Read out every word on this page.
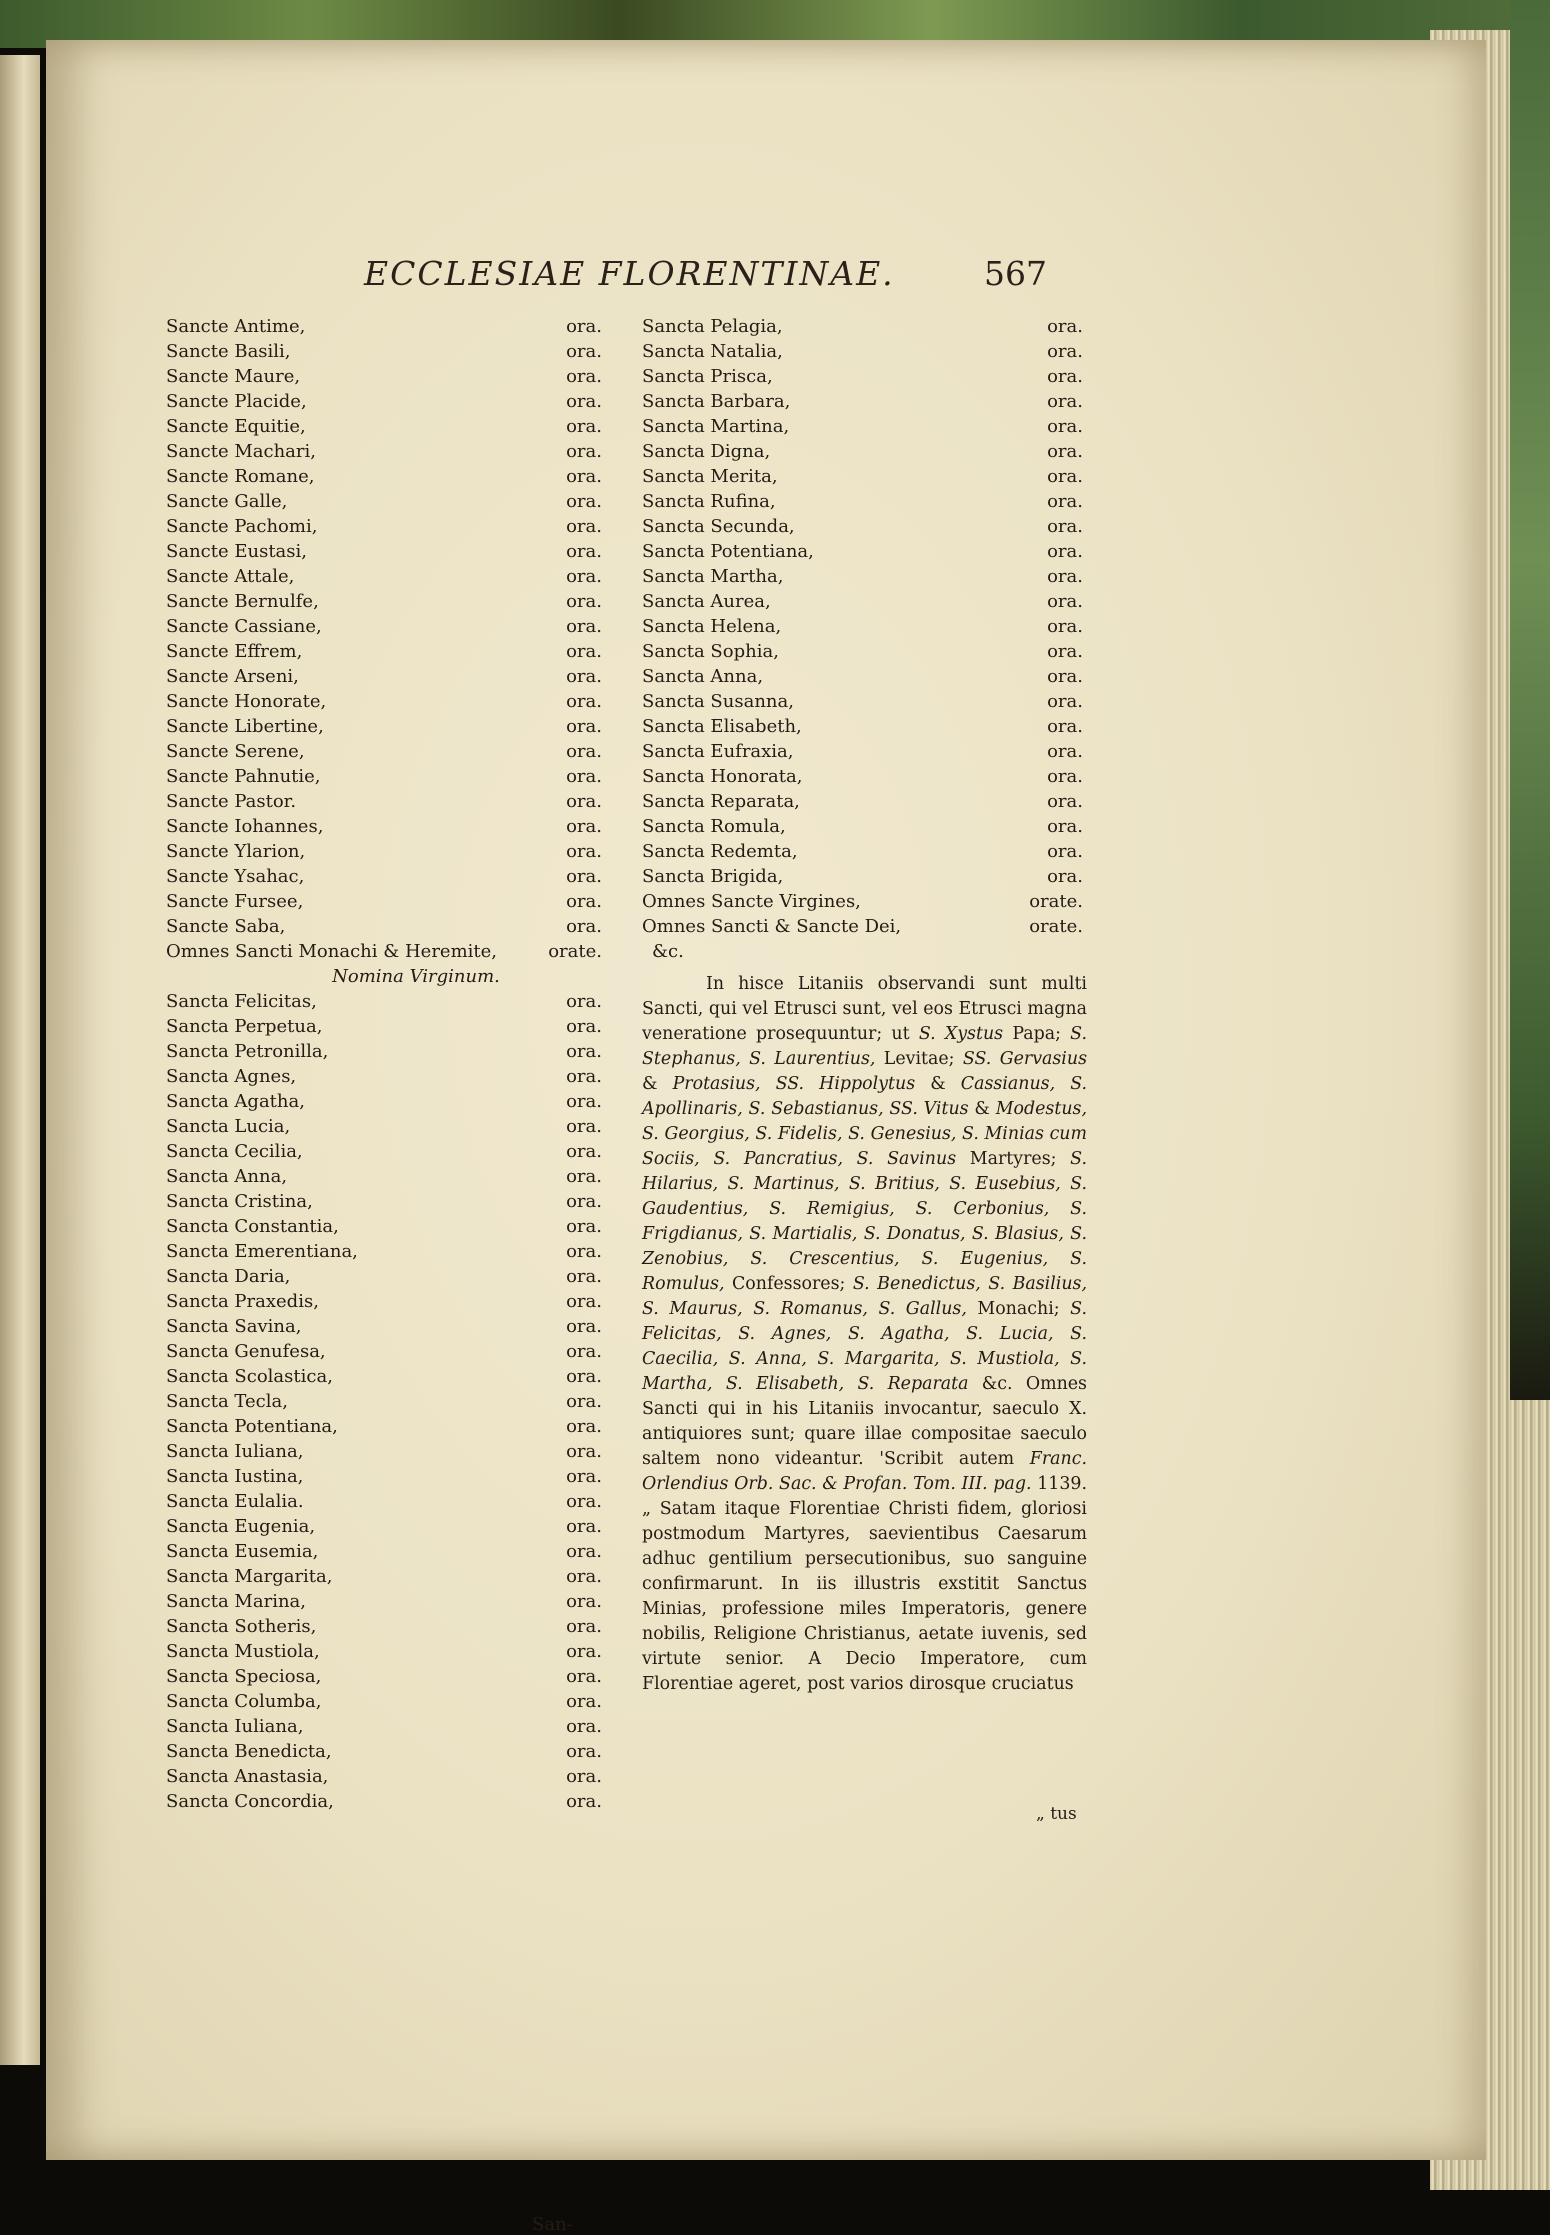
ECCLESIAE FLORENTINAE.	567
Sancte Antime,	ora.
Sancte Basili,	ora.
Sancte Maure,	ora.
Sancte Placide,	ora.
Sancte Equitie,	ora.
Sancte Machari,	ora.
Sancte Romane,	ora.
Sancte Galle,	ora.
Sancte Pachomi,	ora.
Sancte Eustasi,	ora.
Sancte Attale,	ora.
Sancte Bernulfe,	ora.
Sancte Cassiane,	ora.
Sancte Effrem,	ora.
Sancte Arseni,	ora.
Sancte Honorate,	ora.
Sancte Libertine,	ora.
Sancte Serene,	ora.
Sancte Pahnutie,	ora.
Sancte Pastor.	ora.
Sancte Iohannes,	ora.
Sancte Ylarion,	ora.
Sancte Ysahac,	ora.
Sancte Fursee,	ora.
Sancte Saba,	ora.
Omnes Sancti Monachi & Heremite,	orate.
Nomina Virginum.
Sancta Felicitas,	ora.
Sancta Perpetua,	ora.
Sancta Petronilla,	ora.
Sancta Agnes,	ora.
Sancta Agatha,	ora.
Sancta Lucia,	ora.
Sancta Cecilia,	ora.
Sancta Anna,	ora.
Sancta Cristina,	ora.
Sancta Constantia,	ora.
Sancta Emerentiana,	ora.
Sancta Daria,	ora.
Sancta Praxedis,	ora.
Sancta Savina,	ora.
Sancta Genufesa,	ora.
Sancta Scolastica,	ora.
Sancta Tecla,	ora.
Sancta Potentiana,	ora.
Sancta Iuliana,	ora.
Sancta Iustina,	ora.
Sancta Eulalia.	ora.
Sancta Eugenia,	ora.
Sancta Eusemia,	ora.
Sancta Margarita,	ora.
Sancta Marina,	ora.
Sancta Sotheris,	ora.
Sancta Mustiola,	ora.
Sancta Speciosa,	ora.
Sancta Columba,	ora.
Sancta Iuliana,	ora.
Sancta Benedicta,	ora.
Sancta Anastasia,	ora.
Sancta Concordia,	ora.
Sancta Pelagia,	ora.
Sancta Natalia,	ora.
Sancta Prisca,	ora.
Sancta Barbara,	ora.
Sancta Martina,	ora.
Sancta Digna,	ora.
Sancta Merita,	ora.
Sancta Rufina,	ora.
Sancta Secunda,	ora.
Sancta Potentiana,	ora.
Sancta Martha,	ora.
Sancta Aurea,	ora.
Sancta Helena,	ora.
Sancta Sophia,	ora.
Sancta Anna,	ora.
Sancta Susanna,	ora.
Sancta Elisabeth,	ora.
Sancta Eufraxia,	ora.
Sancta Honorata,	ora.
Sancta Reparata,	ora.
Sancta Romula,	ora.
Sancta Redemta,	ora.
Sancta Brigida,	ora.
Omnes Sancte Virgines,	orate.
Omnes Sancti & Sancte Dei,	orate.
&c.

In hisce Litaniis observandi sunt multi Sancti, qui vel Etrusci sunt, vel eos Etrusci magna veneratione prosequuntur; ut S. Xystus Papa; S. Stephanus, S. Laurentius, Levitae; SS. Gervasius & Protasius, SS. Hippolytus & Cassianus, S. Apollinaris, S. Sebastianus, SS. Vitus & Modestus, S. Georgius, S. Fidelis, S. Genesius, S. Minias cum Sociis, S. Pancratius, S. Savinus Martyres; S. Hilarius, S. Martinus, S. Britius, S. Eusebius, S. Gaudentius, S. Remigius, S. Cerbonius, S. Frigdianus, S. Martialis, S. Donatus, S. Blasius, S. Zenobius, S. Crescentius, S. Eugenius, S. Romulus, Confessores; S. Benedictus, S. Basilius, S. Maurus, S. Romanus, S. Gallus, Monachi; S. Felicitas, S. Agnes, S. Agatha, S. Lucia, S. Caecilia, S. Anna, S. Margarita, S. Mustiola, S. Martha, S. Elisabeth, S. Reparata &c. Omnes Sancti qui in his Litaniis invocantur, saeculo X. antiquiores sunt; quare illae compositae saeculo saltem nono videantur. 'Scribit autem Franc. Orlendius Orb. Sac. & Profan. Tom. III. pag. 1139. „ Satam itaque Florentiae Christi fidem, gloriosi postmodum Martyres, saevientibus Caesarum adhuc gentilium persecutionibus, suo sanguine confirmarunt. In iis illustris exstitit Sanctus Minias, professione miles Imperatoris, genere nobilis, Religione Christianus, aetate iuvenis, sed virtute senior. A Decio Imperatore, cum Florentiae ageret, post varios dirosque cruciatus

San-
„ tus
